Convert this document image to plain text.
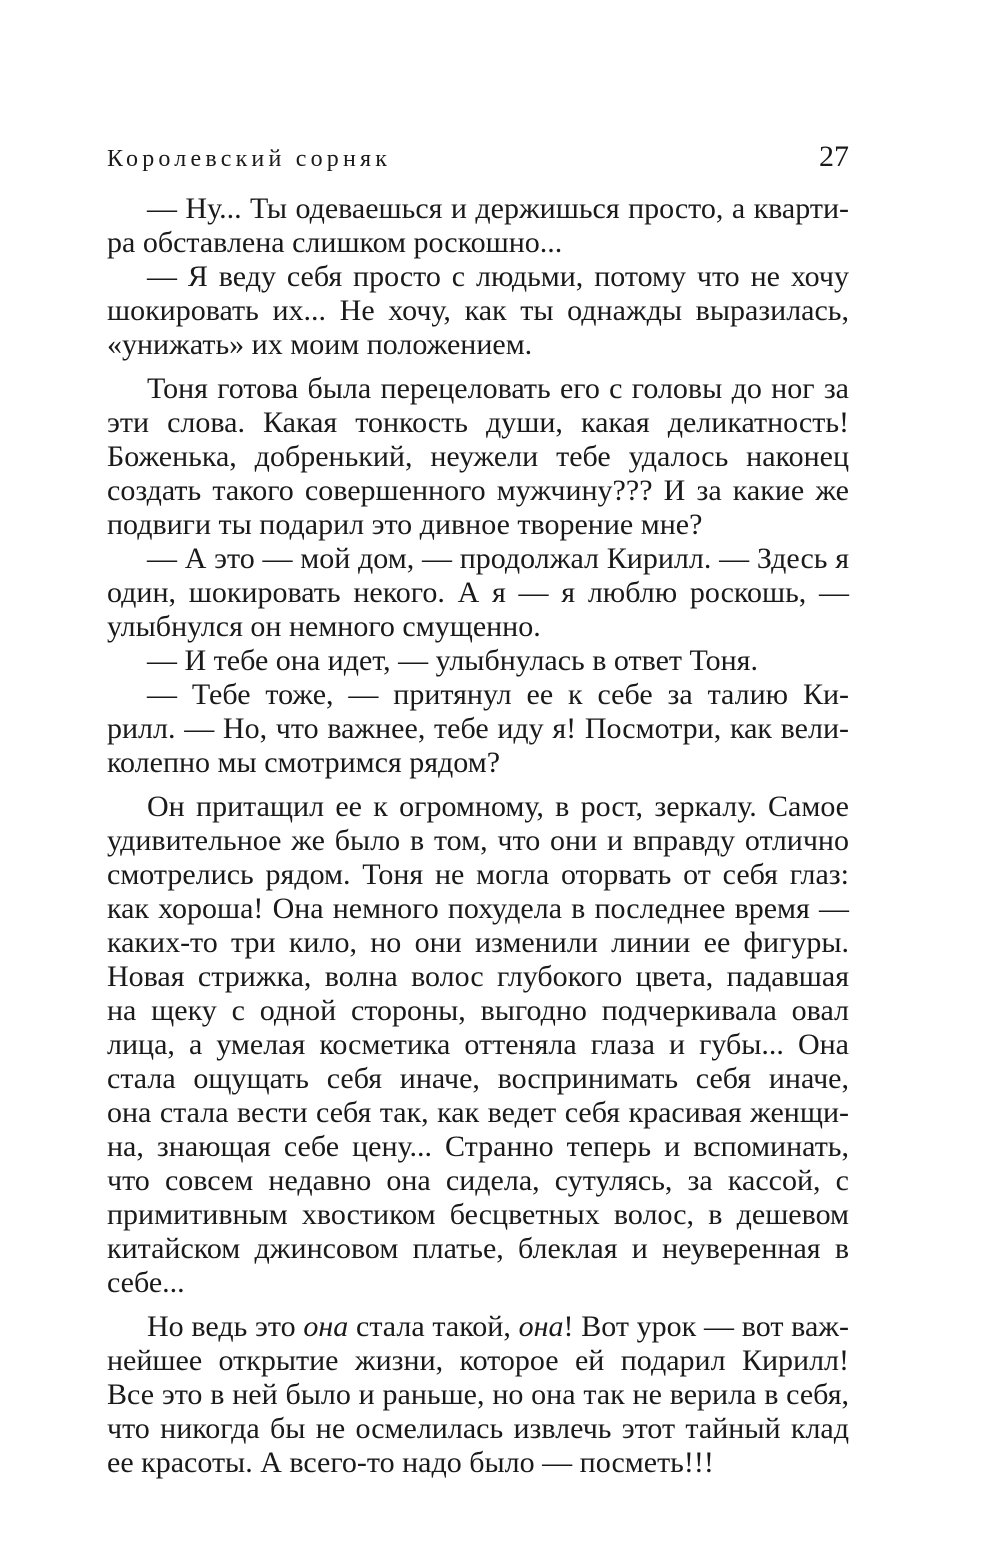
Королевский сорняк	27
— Ну... Ты одеваешься и держишься просто, а кварти-
ра обставлена слишком роскошно...
— Я веду себя просто с людьми, потому что не хочу
шокировать их... Не хочу, как ты однажды выразилась,
«унижать» их моим положением.
Тоня готова была перецеловать его с головы до ног за
эти слова. Какая тонкость души, какая деликатность!
Боженька, добренький, неужели тебе удалось наконец
создать такого совершенного мужчину??? И за какие же
подвиги ты подарил это дивное творение мне?
— А это — мой дом, — продолжал Кирилл. — Здесь я
один, шокировать некого. А я — я люблю роскошь, —
улыбнулся он немного смущенно.
— И тебе она идет, — улыбнулась в ответ Тоня.
— Тебе тоже, — притянул ее к себе за талию Ки-
рилл. — Но, что важнее, тебе иду я! Посмотри, как вели-
колепно мы смотримся рядом?
Он притащил ее к огромному, в рост, зеркалу. Самое
удивительное же было в том, что они и вправду отлично
смотрелись рядом. Тоня не могла оторвать от себя глаз:
как хороша! Она немного похудела в последнее время —
каких-то три кило, но они изменили линии ее фигуры.
Новая стрижка, волна волос глубокого цвета, падавшая
на щеку с одной стороны, выгодно подчеркивала овал
лица, а умелая косметика оттеняла глаза и губы... Она
стала ощущать себя иначе, воспринимать себя иначе,
она стала вести себя так, как ведет себя красивая женщи-
на, знающая себе цену... Странно теперь и вспоминать,
что совсем недавно она сидела, сутулясь, за кассой, с
примитивным хвостиком бесцветных волос, в дешевом
китайском джинсовом платье, блеклая и неуверенная в
себе...
Но ведь это она стала такой, она! Вот урок — вот важ-
нейшее открытие жизни, которое ей подарил Кирилл!
Все это в ней было и раньше, но она так не верила в себя,
что никогда бы не осмелилась извлечь этот тайный клад
ее красоты. А всего-то надо было — посметь!!!
